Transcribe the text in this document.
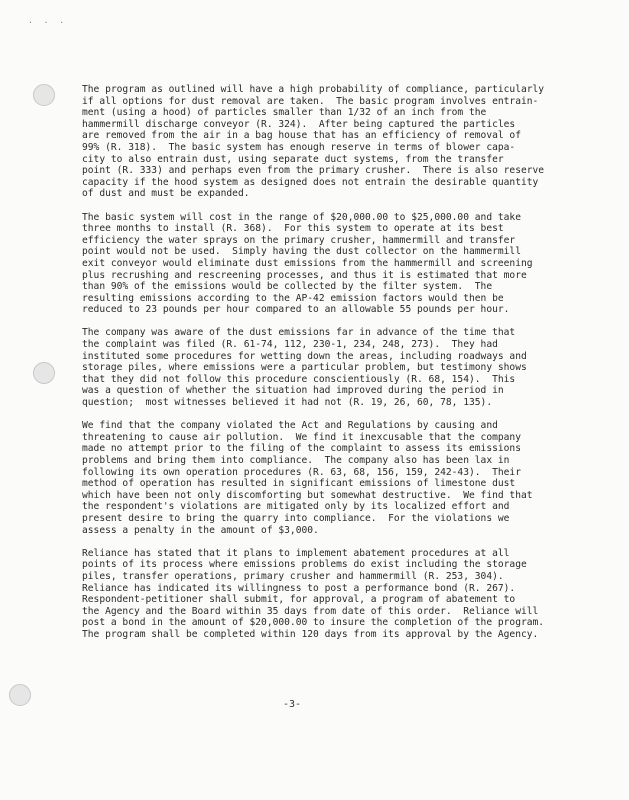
. . .
The program as outlined will have a high probability of compliance, particularly
if all options for dust removal are taken.  The basic program involves entrain-
ment (using a hood) of particles smaller than 1/32 of an inch from the
hammermill discharge conveyor (R. 324).  After being captured the particles
are removed from the air in a bag house that has an efficiency of removal of
99% (R. 318).  The basic system has enough reserve in terms of blower capa-
city to also entrain dust, using separate duct systems, from the transfer
point (R. 333) and perhaps even from the primary crusher.  There is also reserve
capacity if the hood system as designed does not entrain the desirable quantity
of dust and must be expanded.
The basic system will cost in the range of $20,000.00 to $25,000.00 and take
three months to install (R. 368).  For this system to operate at its best
efficiency the water sprays on the primary crusher, hammermill and transfer
point would not be used.  Simply having the dust collector on the hammermill
exit conveyor would eliminate dust emissions from the hammermill and screening
plus recrushing and rescreening processes, and thus it is estimated that more
than 90% of the emissions would be collected by the filter system.  The
resulting emissions according to the AP-42 emission factors would then be
reduced to 23 pounds per hour compared to an allowable 55 pounds per hour.
The company was aware of the dust emissions far in advance of the time that
the complaint was filed (R. 61-74, 112, 230-1, 234, 248, 273).  They had
instituted some procedures for wetting down the areas, including roadways and
storage piles, where emissions were a particular problem, but testimony shows
that they did not follow this procedure conscientiously (R. 68, 154).  This
was a question of whether the situation had improved during the period in
question;  most witnesses believed it had not (R. 19, 26, 60, 78, 135).
We find that the company violated the Act and Regulations by causing and
threatening to cause air pollution.  We find it inexcusable that the company
made no attempt prior to the filing of the complaint to assess its emissions
problems and bring them into compliance.  The company also has been lax in
following its own operation procedures (R. 63, 68, 156, 159, 242-43).  Their
method of operation has resulted in significant emissions of limestone dust
which have been not only discomforting but somewhat destructive.  We find that
the respondent's violations are mitigated only by its localized effort and
present desire to bring the quarry into compliance.  For the violations we
assess a penalty in the amount of $3,000.
Reliance has stated that it plans to implement abatement procedures at all
points of its process where emissions problems do exist including the storage
piles, transfer operations, primary crusher and hammermill (R. 253, 304).
Reliance has indicated its willingness to post a performance bond (R. 267).
Respondent-petitioner shall submit, for approval, a program of abatement to
the Agency and the Board within 35 days from date of this order.  Reliance will
post a bond in the amount of $20,000.00 to insure the completion of the program.
The program shall be completed within 120 days from its approval by the Agency.
-3-
